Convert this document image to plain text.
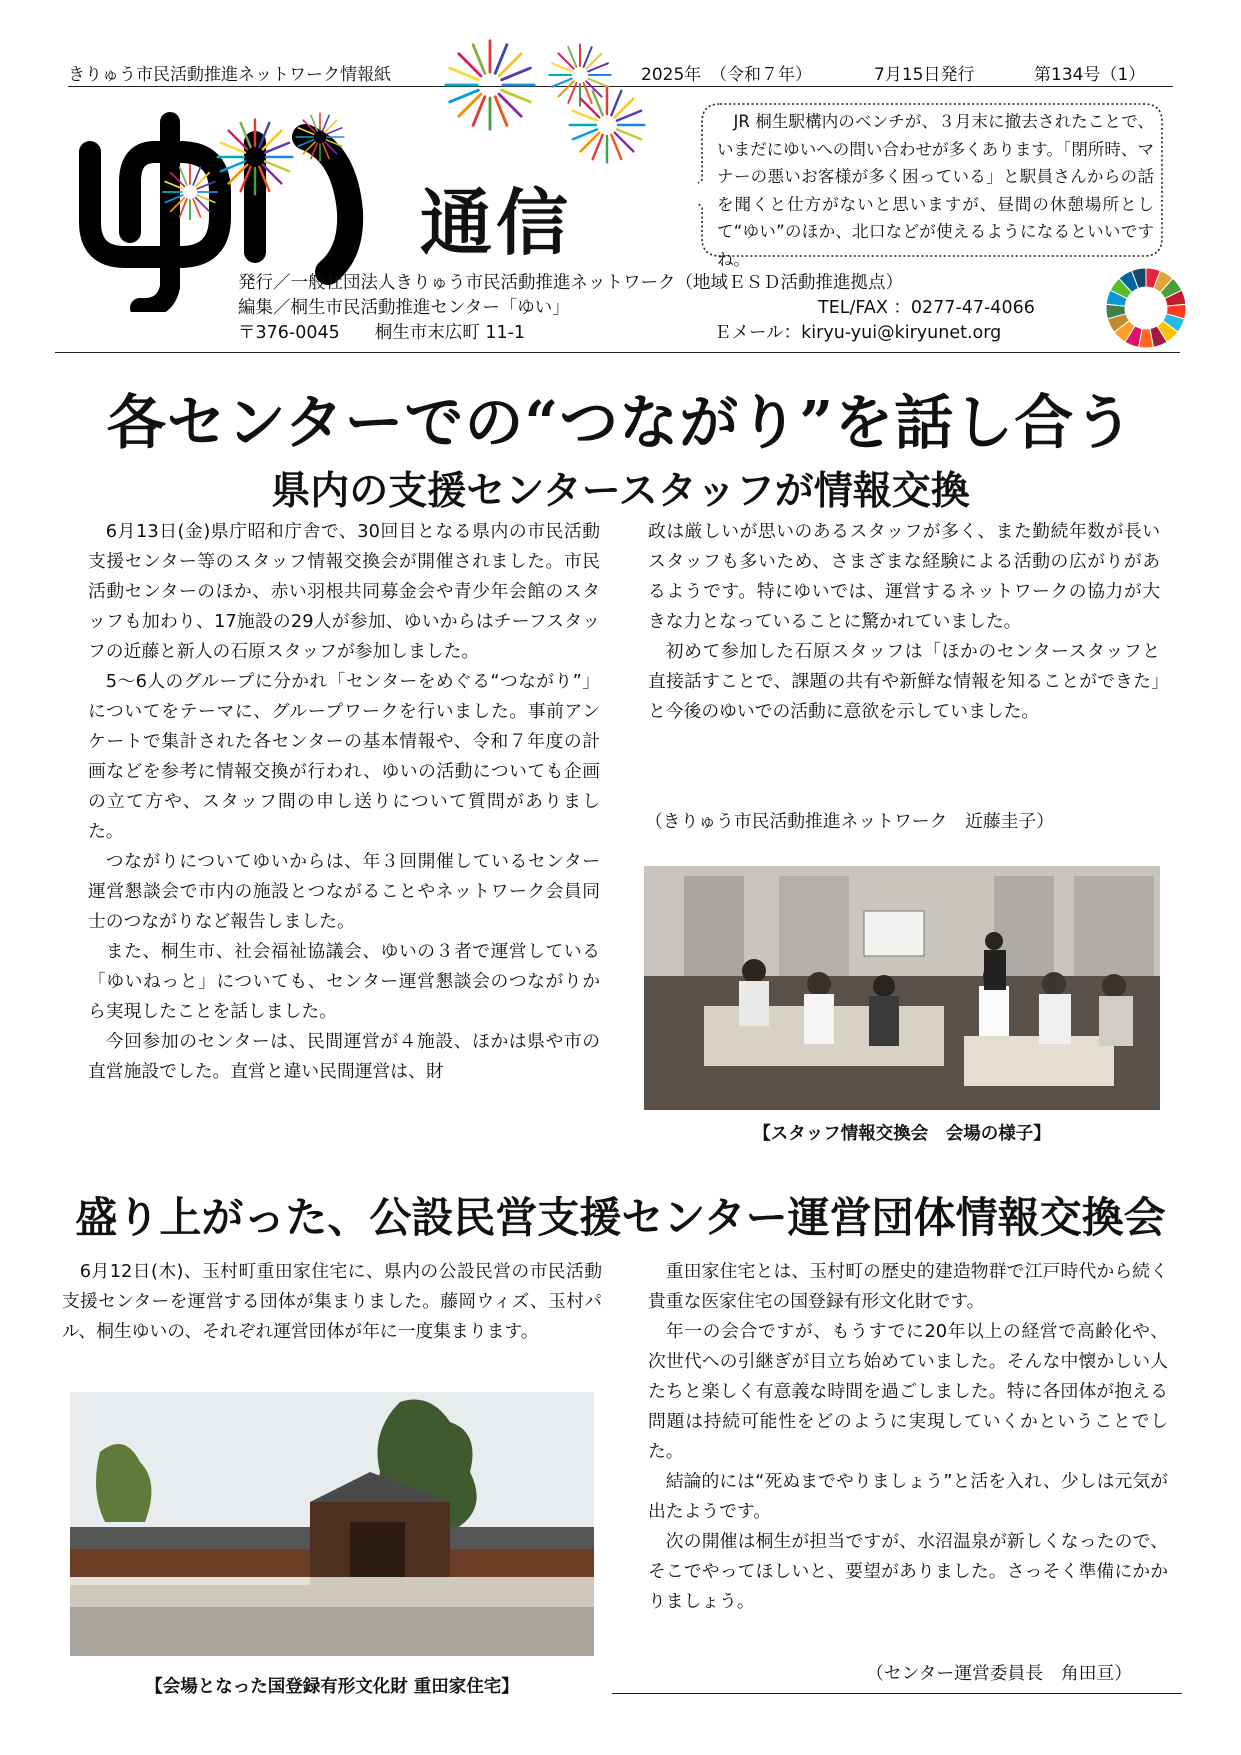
きりゅう市民活動推進ネットワーク情報紙	2025年 （令和７年）	7月15日発行	第134号（1）
通信
JR 桐生駅構内のベンチが、３月末に撤去されたことで、いまだにゆいへの問い合わせが多くあります。「閉所時、マナーの悪いお客様が多く困っている」と駅員さんからの話を聞くと仕方がないと思いますが、昼間の休憩場所として“ゆい”のほか、北口などが使えるようになるといいですね。
発行／一般社団法人きりゅう市民活動推進ネットワーク（地域ＥＳＤ活動推進拠点）
編集／桐生市民活動推進センター「ゆい」	TEL/FAX ：0277-47-4066
〒376-0045　　桐生市末広町 11-1	Ｅメール：kiryu-yui@kiryunet.org
各センターでの“つながり”を話し合う
県内の支援センタースタッフが情報交換

6月13日(金)県庁昭和庁舎で、30回目となる県内の市民活動支援センター等のスタッフ情報交換会が開催されました。市民活動センターのほか、赤い羽根共同募金会や青少年会館のスタッフも加わり、17施設の29人が参加、ゆいからはチーフスタッフの近藤と新人の石原スタッフが参加しました。

5〜6人のグループに分かれ「センターをめぐる“つながり”」についてをテーマに、グループワークを行いました。事前アンケートで集計された各センターの基本情報や、令和７年度の計画などを参考に情報交換が行われ、ゆいの活動についても企画の立て方や、スタッフ間の申し送りについて質問がありました。

つながりについてゆいからは、年３回開催しているセンター運営懇談会で市内の施設とつながることやネットワーク会員同士のつながりなど報告しました。

また、桐生市、社会福祉協議会、ゆいの３者で運営している「ゆいねっと」についても、センター運営懇談会のつながりから実現したことを話しました。

今回参加のセンターは、民間運営が４施設、ほかは県や市の直営施設でした。直営と違い民間運営は、財

政は厳しいが思いのあるスタッフが多く、また勤続年数が長いスタッフも多いため、さまざまな経験による活動の広がりがあるようです。特にゆいでは、運営するネットワークの協力が大きな力となっていることに驚かれていました。

初めて参加した石原スタッフは「ほかのセンタースタッフと直接話すことで、課題の共有や新鮮な情報を知ることができた」と今後のゆいでの活動に意欲を示していました。

（きりゅう市民活動推進ネットワーク　近藤圭子）
【スタッフ情報交換会　会場の様子】
盛り上がった、公設民営支援センター運営団体情報交換会

6月12日(木)、玉村町重田家住宅に、県内の公設民営の市民活動支援センターを運営する団体が集まりました。藤岡ウィズ、玉村パル、桐生ゆいの、それぞれ運営団体が年に一度集まります。

重田家住宅とは、玉村町の歴史的建造物群で江戸時代から続く貴重な医家住宅の国登録有形文化財です。

年一の会合ですが、もうすでに20年以上の経営で高齢化や、次世代への引継ぎが目立ち始めていました。そんな中懐かしい人たちと楽しく有意義な時間を過ごしました。特に各団体が抱える問題は持続可能性をどのように実現していくかということでした。

結論的には“死ぬまでやりましょう”と活を入れ、少しは元気が出たようです。

次の開催は桐生が担当ですが、水沼温泉が新しくなったので、そこでやってほしいと、要望がありました。さっそく準備にかかりましょう。

【会場となった国登録有形文化財 重田家住宅】
（センター運営委員長　角田亘）
